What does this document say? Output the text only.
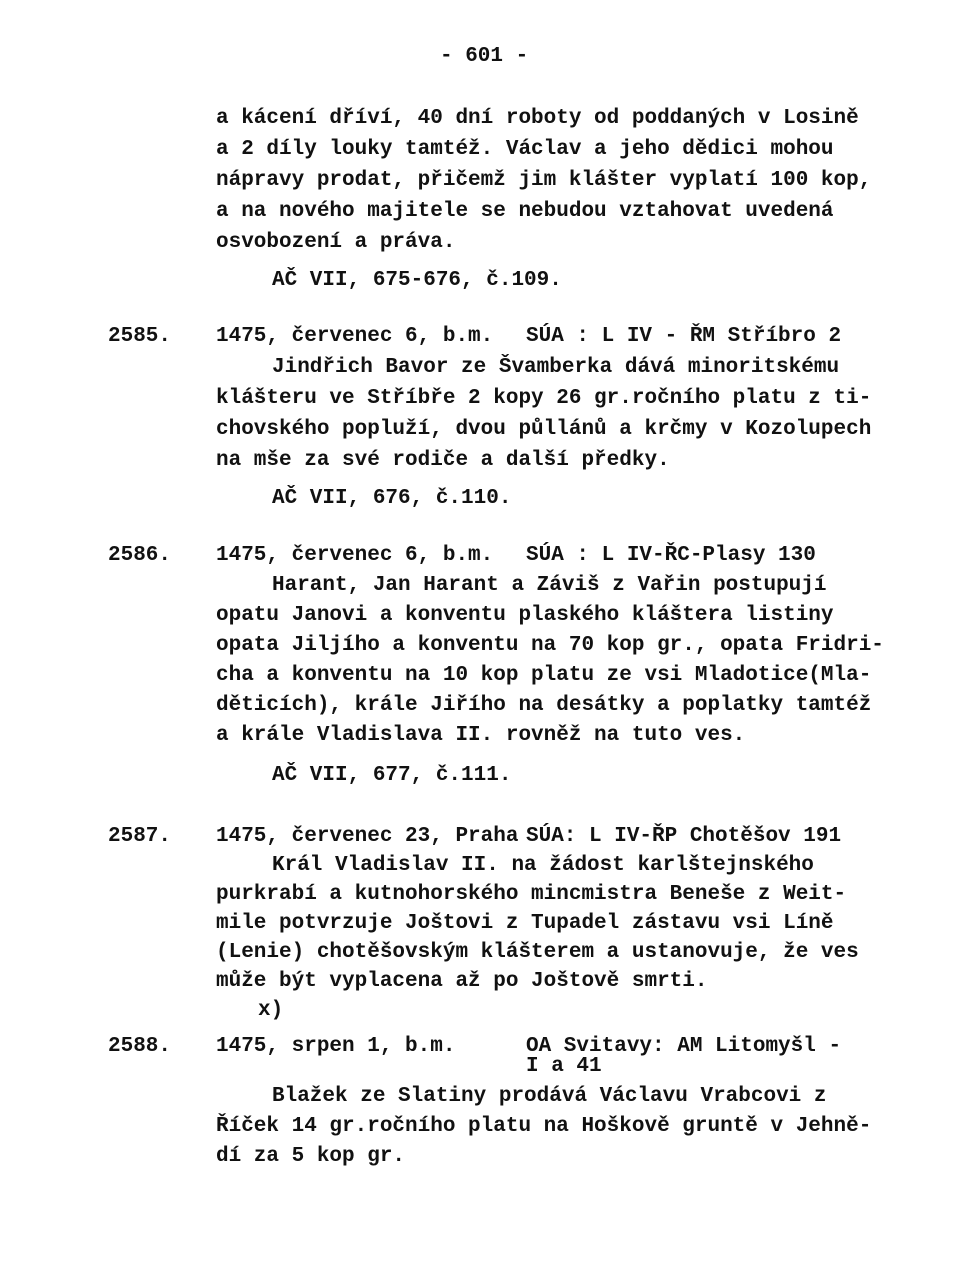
- 601 -
a kácení dříví, 40 dní roboty od poddaných v Losině
a 2 díly louky tamtéž. Václav a jeho dědici mohou
nápravy prodat, přičemž jim klášter vyplatí 100 kop,
a na nového majitele se nebudou vztahovat uvedená
osvobození a práva.
AČ VII, 675-676, č.109.
2585. 1475, červenec 6, b.m. SÚA : L IV - ŘM Stříbro 2
Jindřich Bavor ze Švamberka dává minoritskému
klášteru ve Stříbře 2 kopy 26 gr.ročního platu z ti-
chovského popluží, dvou půllánů a krčmy v Kozolupech
na mše za své rodiče a další předky.
AČ VII, 676, č.110.
2586. 1475, červenec 6, b.m. SÚA : L IV-ŘC-Plasy 130
Harant, Jan Harant a Záviš z Vařin postupují
opatu Janovi a konventu plaského kláštera listiny
opata Jiljího a konventu na 70 kop gr., opata Fridri-
cha a konventu na 10 kop platu ze vsi Mladotice(Mla-
děticích), krále Jiřího na desátky a poplatky tamtéž
a krále Vladislava II. rovněž na tuto ves.
AČ VII, 677, č.111.
2587. 1475, červenec 23, Praha SÚA: L IV-ŘP Chotěšov 191
Král Vladislav II. na žádost karlštejnského
purkrabí a kutnohorského mincmistra Beneše z Weit-
mile potvrzuje Joštovi z Tupadel zástavu vsi Líně
(Lenie) chotěšovským klášterem a ustanovuje, že ves
může být vyplacena až po Joštově smrti.
x)
2588. 1475, srpen 1, b.m.	OA Svitavy: AM Litomyšl -
I a 41
Blažek ze Slatiny prodává Václavu Vrabcovi z
Říček 14 gr.ročního platu na Hoškově gruntě v Jehně-
dí za 5 kop gr.
